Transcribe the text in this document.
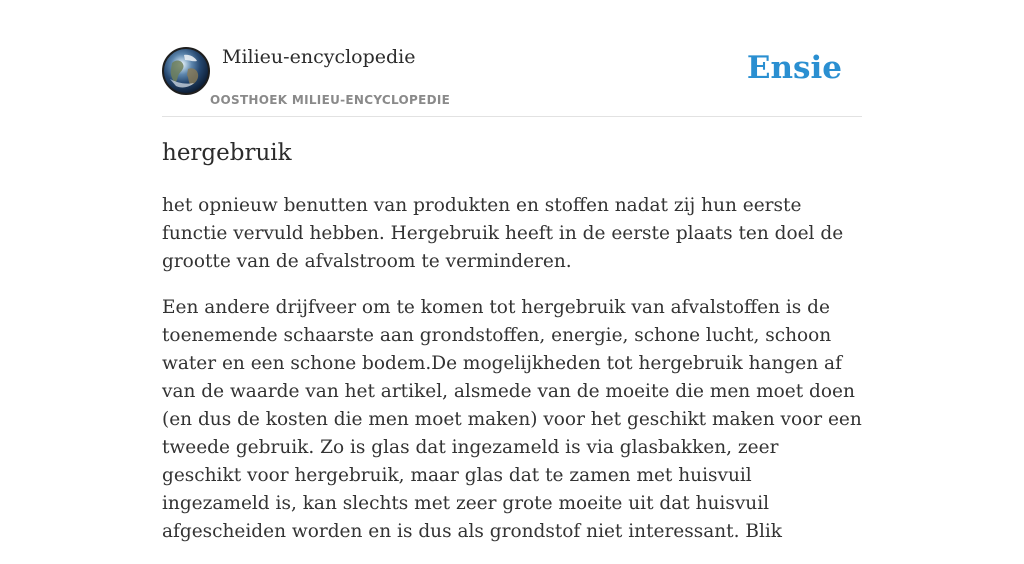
Milieu-encyclopedie
OOSTHOEK MILIEU-ENCYCLOPEDIE
Ensie
hergebruik

het opnieuw benutten van produkten en stoffen nadat zij hun eerste functie vervuld hebben. Hergebruik heeft in de eerste plaats ten doel de grootte van de afvalstroom te verminderen.

Een andere drijfveer om te komen tot hergebruik van afvalstoffen is de toenemende schaarste aan grondstoffen, energie, schone lucht, schoon water en een schone bodem.De mogelijkheden tot hergebruik hangen af van de waarde van het artikel, alsmede van de moeite die men moet doen (en dus de kosten die men moet maken) voor het geschikt maken voor een tweede gebruik. Zo is glas dat ingezameld is via glasbakken, zeer geschikt voor hergebruik, maar glas dat te zamen met huisvuil ingezameld is, kan slechts met zeer grote moeite uit dat huisvuil afgescheiden worden en is dus als grondstof niet interessant. Blik
